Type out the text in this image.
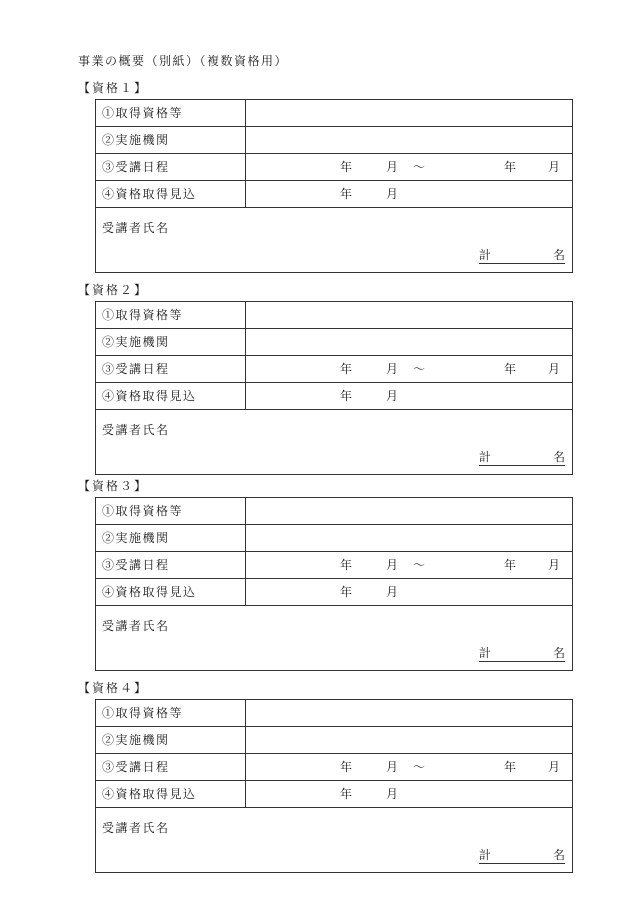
事業の概要（別紙）（複数資格用）
【資格１】
①取得資格等
②実施機関
③受講日程	年	月 ～	年	月
④資格取得見込	年	月
受講者氏名
計	名
【資格２】
①取得資格等
②実施機関
③受講日程	年	月 ～	年	月
④資格取得見込	年	月
受講者氏名
計	名
【資格３】
①取得資格等
②実施機関
③受講日程	年	月 ～	年	月
④資格取得見込	年	月
受講者氏名
計	名
【資格４】
①取得資格等
②実施機関
③受講日程	年	月 ～	年	月
④資格取得見込	年	月
受講者氏名
計	名
